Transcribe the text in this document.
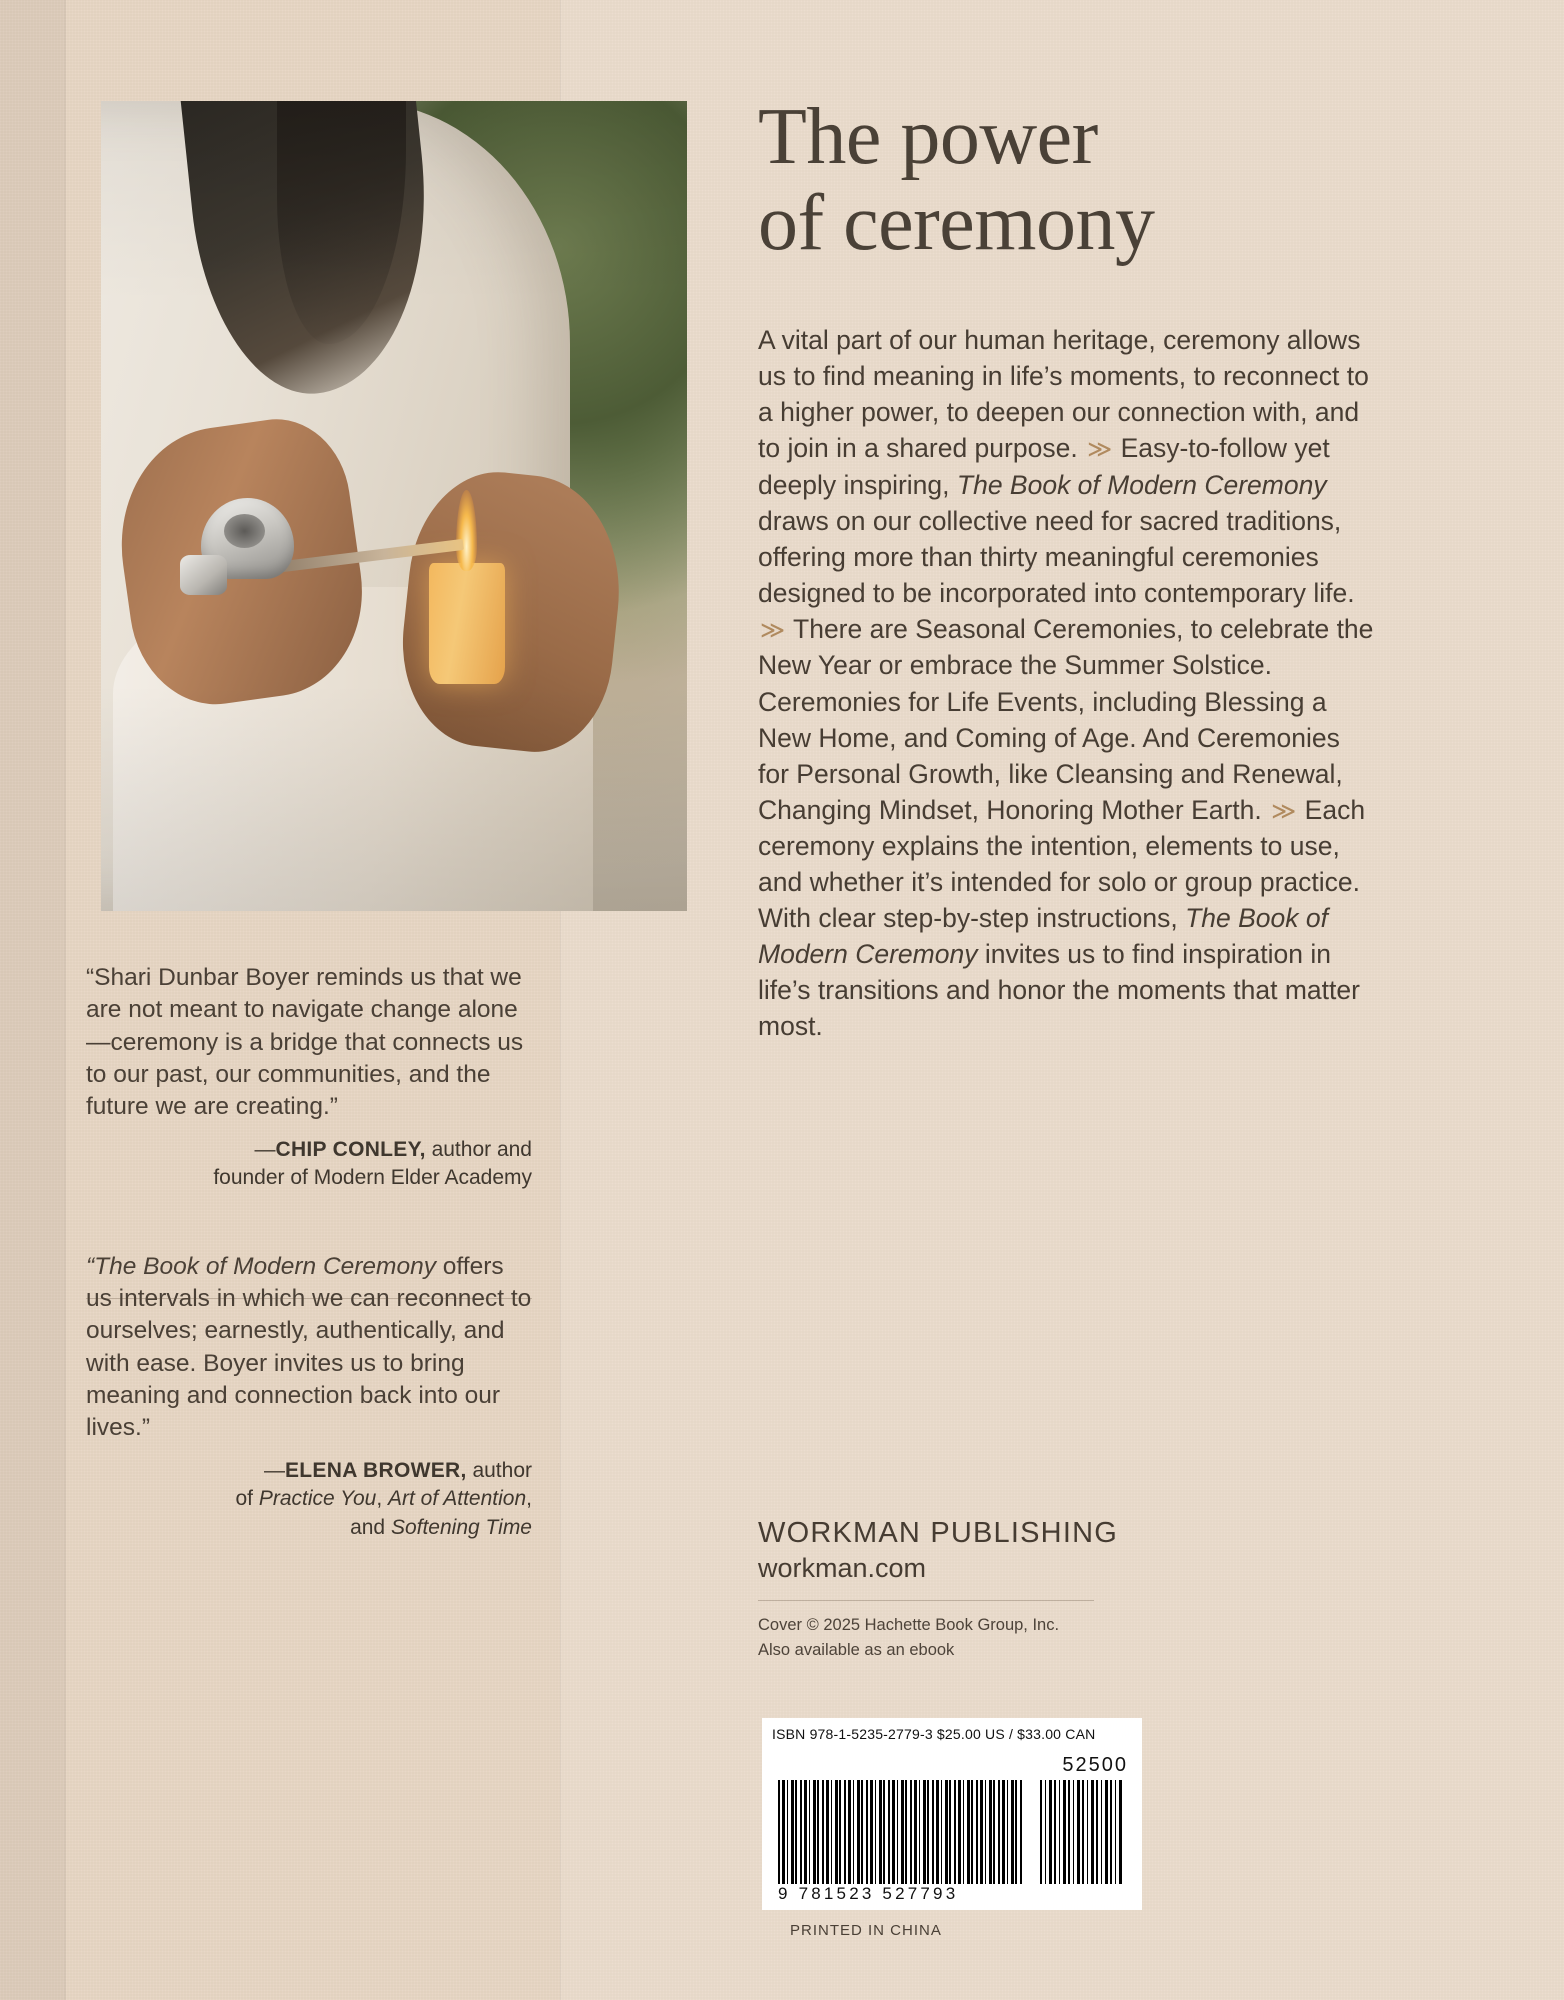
The power
of ceremony
A vital part of our human heritage, ceremony allows us to find meaning in life’s moments, to reconnect to a higher power, to deepen our connection with, and to join in a shared purpose. ≫ Easy-to-follow yet deeply inspiring, The Book of Modern Ceremony draws on our collective need for sacred traditions, offering more than thirty meaningful ceremonies designed to be incorporated into contemporary life. ≫ There are Seasonal Ceremonies, to celebrate the New Year or embrace the Summer Solstice. Ceremonies for Life Events, including Blessing a New Home, and Coming of Age. And Ceremonies for Personal Growth, like Cleansing and Renewal, Changing Mindset, Honoring Mother Earth. ≫ Each ceremony explains the intention, elements to use, and whether it’s intended for solo or group practice. With clear step-by-step instructions, The Book of Modern Ceremony invites us to find inspiration in life’s transitions and honor the moments that matter most.
“Shari Dunbar Boyer reminds us that we are not meant to navigate change alone—ceremony is a bridge that connects us to our past, our communities, and the future we are creating.”
—CHIP CONLEY, author and
founder of Modern Elder Academy
“The Book of Modern Ceremony offers us intervals in which we can reconnect to ourselves; earnestly, authentically, and with ease. Boyer invites us to bring meaning and connection back into our lives.”
—ELENA BROWER, author
of Practice You, Art of Attention,
and Softening Time	WORKMAN PUBLISHING
workman.com
Cover © 2025 Hachette Book Group, Inc.
Also available as an ebook
ISBN 978-1-5235-2779-3 $25.00 US / $33.00 CAN
52500
9 781523 527793
PRINTED IN CHINA
